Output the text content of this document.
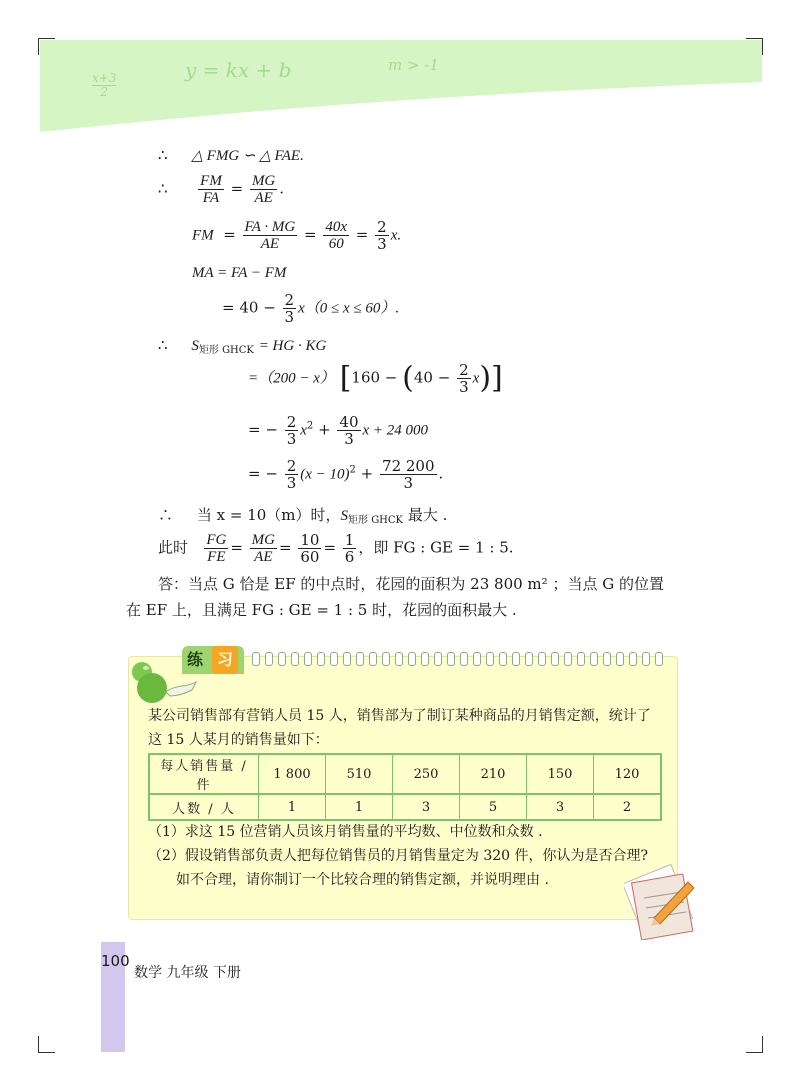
x+3
2
y = kx + b	m > -1
∴ △ FMG ∽ △ FAE.
∴ $\frac{FM}{FA} = \frac{MG}{AE}$ .
FM  = $\frac{FA \cdot MG}{AE} = \frac{40x}{60} = \frac{2}{3} x$.
MA = FA − FM
= $40 - \frac{2}{3} x(0 \le x \le 60)$.
∴ $S_{矩形 GHCK}$ = HG · KG
=（200 − x） $[160 - (40 - \frac{2}{3} x)]$
= − $\frac{2}{3} x^2 + \frac{40}{3}$ x + 24 000
= − $\frac{2}{3} (x - 10)^2 + \frac{72 200}{3}$ .
∴ 当 x = 10（m）时，$S_{矩形 GHCK}$ 最大 .
此时 $\frac{FG}{FE} = \frac{MG}{AE} = \frac{10}{60} = \frac{1}{6}$ ，即 FG : GE = 1 : 5.
答：当点 G 恰是 EF 的中点时，花园的面积为 23 800 m² ；当点 G 的位置
在 EF 上，且满足 FG : GE = 1 : 5 时，花园的面积最大 .
练 习
某公司销售部有营销人员 15 人，销售部为了制订某种商品的月销售定额，统计了
这 15 人某月的销售量如下：
每人销售量 / 件	1 800	510	250	210	150	120
人数 / 人	1	1	3	5	3	2
（1）求这 15 位营销人员该月销售量的平均数、中位数和众数 .
（2）假设销售部负责人把每位销售员的月销售量定为 320 件，你认为是否合理?
如不合理，请你制订一个比较合理的销售定额，并说明理由 .
100
数学 九年级 下册
